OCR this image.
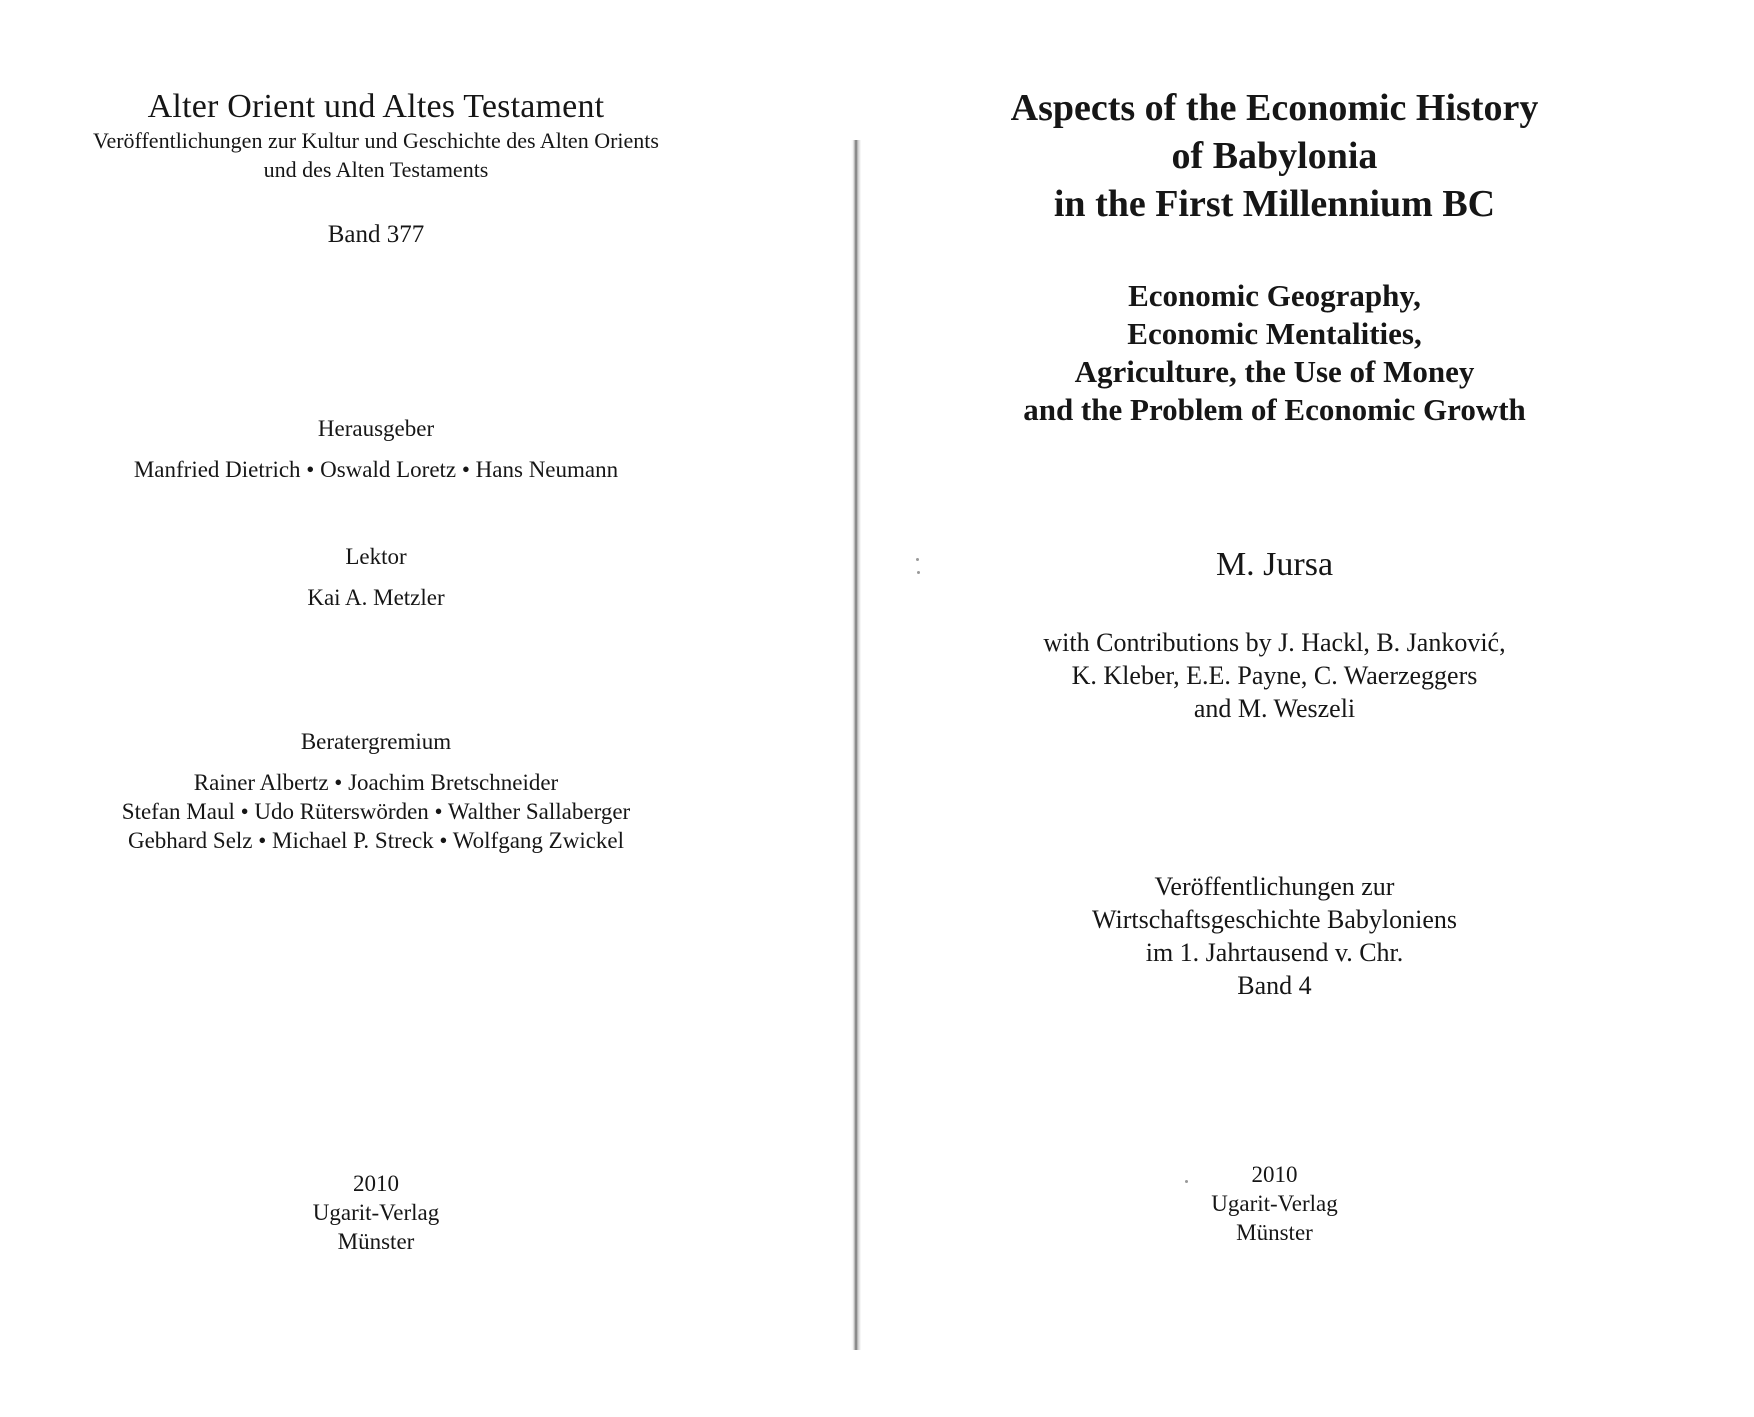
Alter Orient und Altes Testament
Veröffentlichungen zur Kultur und Geschichte des Alten Orients
und des Alten Testaments
Band 377
Herausgeber
Manfried Dietrich • Oswald Loretz • Hans Neumann
Lektor
Kai A. Metzler
Beratergremium
Rainer Albertz • Joachim Bretschneider
Stefan Maul • Udo Rüterswörden • Walther Sallaberger
Gebhard Selz • Michael P. Streck • Wolfgang Zwickel
2010
Ugarit-Verlag
Münster
Aspects of the Economic History
of Babylonia
in the First Millennium BC
Economic Geography,
Economic Mentalities,
Agriculture, the Use of Money
and the Problem of Economic Growth
M. Jursa
with Contributions by J. Hackl, B. Janković,
K. Kleber, E.E. Payne, C. Waerzeggers
and M. Weszeli
Veröffentlichungen zur
Wirtschaftsgeschichte Babyloniens
im 1. Jahrtausend v. Chr.
Band 4
2010
Ugarit-Verlag
Münster
